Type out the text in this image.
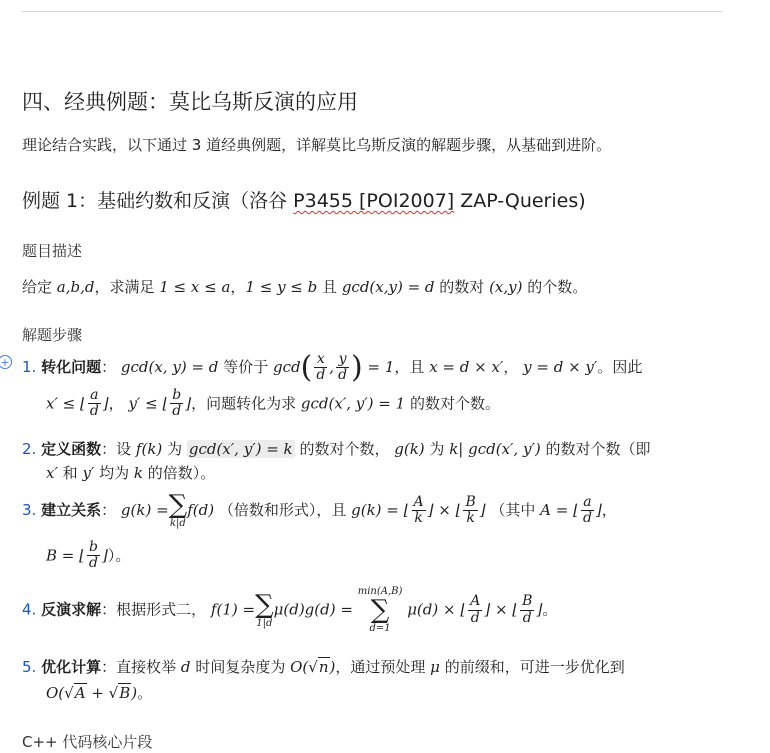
四、经典例题：莫比乌斯反演的应用
理论结合实践，以下通过 3 道经典例题，详解莫比乌斯反演的解题步骤，从基础到进阶。
例题 1：基础约数和反演（洛谷 P3455 [POI2007] ZAP-Queries)
题目描述
给定 a,b,d，求满足 1 ≤ x ≤ a，1 ≤ y ≤ b 且 gcd(x,y) = d 的数对 (x,y) 的个数。
解题步骤
+ 1. 转化问题： gcd(x, y) = d 等价于 $\gcd( \frac{x}{d}$ , $\frac{y}{d}$ ) = 1，且 x = d × x′， y = d × y′。因此
x′ ≤ ⌊ $\frac{a}{d}$ ⌋， y′ ≤ ⌊ $\frac{b}{d}$ ⌋，问题转化为求 gcd(x′, y′) = 1 的数对个数。
2. 定义函数：设 f(k) 为 gcd(x′, y′) = k 的数对个数， g(k) 为 k| gcd(x′, y′) 的数对个数（即
x′ 和 y′ 均为 k 的倍数）。
3. 建立关系： g(k) =∑
k|d
f(d) （倍数和形式），且 g(k) = ⌊ $\frac{A}{k}$ ⌋ × ⌊ $\frac{B}{k}$ ⌋ （其中 A = ⌊ $\frac{a}{d}$ ⌋，
B = ⌊ $\frac{b}{d}$ ⌋）。
4. 反演求解：根据形式二， f(1) =∑
1|d
μ(d)g(d) =
min(A,B)
∑
d=1
μ(d) × ⌊ $\frac{A}{d}$ ⌋ × ⌊ $\frac{B}{d}$ ⌋。
5. 优化计算：直接枚举 d 时间复杂度为 O(√n)，通过预处理 μ 的前缀和，可进一步优化到
O(√A + √B)。
C++ 代码核心片段
